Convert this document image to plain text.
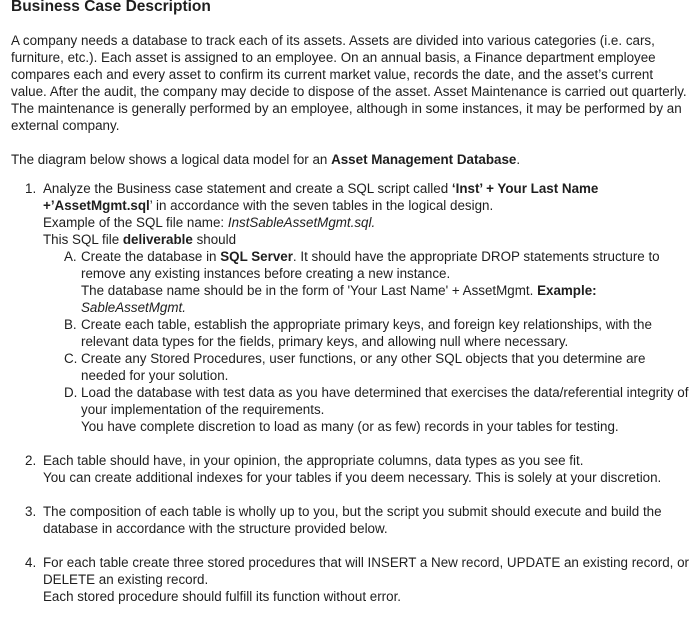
Business Case Description

A company needs a database to track each of its assets. Assets are divided into various categories (i.e. cars, furniture, etc.). Each asset is assigned to an employee. On an annual basis, a Finance department employee compares each and every asset to confirm its current market value, records the date, and the asset’s current value. After the audit, the company may decide to dispose of the asset. Asset Maintenance is carried out quarterly. The maintenance is generally performed by an employee, although in some instances, it may be performed by an external company.

The diagram below shows a logical data model for an Asset Management Database.

1. Analyze the Business case statement and create a SQL script called ‘Inst’ + Your Last Name +’AssetMgmt.sql’ in accordance with the seven tables in the logical design.
Example of the SQL file name: InstSableAssetMgmt.sql.
This SQL file deliverable should
A. Create the database in SQL Server. It should have the appropriate DROP statements structure to remove any existing instances before creating a new instance.
The database name should be in the form of 'Your Last Name' + AssetMgmt. Example:
SableAssetMgmt.
B. Create each table, establish the appropriate primary keys, and foreign key relationships, with the relevant data types for the fields, primary keys, and allowing null where necessary.
C. Create any Stored Procedures, user functions, or any other SQL objects that you determine are needed for your solution.
D. Load the database with test data as you have determined that exercises the data/referential integrity of your implementation of the requirements.
You have complete discretion to load as many (or as few) records in your tables for testing.
2. Each table should have, in your opinion, the appropriate columns, data types as you see fit.
You can create additional indexes for your tables if you deem necessary. This is solely at your discretion.
3. The composition of each table is wholly up to you, but the script you submit should execute and build the database in accordance with the structure provided below.
4. For each table create three stored procedures that will INSERT a New record, UPDATE an existing record, or DELETE an existing record.
Each stored procedure should fulfill its function without error.
